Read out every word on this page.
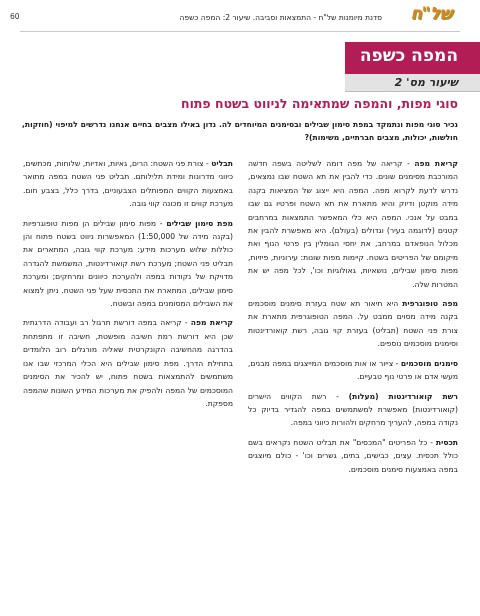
60	סדנת מיומנות של"ח - התמצאות וסביבה. שיעור 2: המפה כשפה של"ח
המפה כשפה
שיעור מס' 2
סוגי מפות, והמפה שמתאימה לניווט בשטח פתוח

נכיר סוגי מפות ונתמקד במפת סימון שבילים ובסימנים המיוחדים לה. נדון באילו מצבים בחיים אנחנו נדרשים למיפוי (חוזקות, חולשות, יכולות, מצבים חברתיים, משימות)?

קריאת מפה - קריאה של מפה דומה לשליטה בשפה חדשה המורכבת מסימנים שונים. כדי להבין את תא השטח שבו נמצאים, נדרש לדעת לקרוא מפה. המפה היא ייצוג של המציאות בקנה מידה מוקטן ודיוק והיא מתארת את תא השטח ופרטיו גם שבו במבט על אנכי. המפה היא כלי המאפשר התמצאות במרחבים קטנים (לדוגמה בעיר) וגדולים (בעולם). היא מאפשרת להבין את מכלול הנופאדם במרחב, את יחסי הגומלין בין פרטי הנוף ואת מיקומם של הפריטים בשטח. קיימות מפות שונות: עירוניות, פיזיות, מפות סימון שבילים, נושאיות, גאולוגיות וכו', לכל מפה יש את המטרות שלה.

מפה טופוגרפית היא תיאור תא שטח בעזרת סימנים מוסכמים בקנה מידה מסוים ממבט על. המפה הטופוגרפית מתארת את צורת פני השטח (תבליט) בעזרת קוי גובה, רשת קואורדינטות וסימנים מוסכמים נוספים.

סימנים מוסכמים - צייור או אות מוסכמים המייצגים במפה מבנים, מעשי אדם או פרטי נוף טבעיים.

רשת קואורדינטות (מעלות) - רשת הקווים הישרים (קואורדינטות) מאפשרת למשתמשים במפה להגדיר בדיוק כל נקודה במפה, להעריך מרחקים ולהורות כיווני במפה.

תכסית - כל הפריטים "המכסים" את תבליט השטח נקראים בשם כולל תכסית. עצים, כבישים, בתים, גשרים וכו' - כולם מיוצגים במפה באמצעות סימנים מוסכמים.

תבליט - צורת פני השטח: הרים, גאיות, ואדיות, שלוחות, מכתשים, כיווני מדרונות ומידת תלילותם. תבליט פני השטח במפה מתואר באמצעות הקווים המפותלים הצבעוניים, בדרך כלל, בצבע חום. מערכת קווים זו מכונה קווי גובה.

מפת סימון שבילים - מפות סימון שבילים הן מפות טופוגרפיות (בקנה מידה של 1:50,000) המאפשרות ניווט בשטח פתוח והן כוללות שלוש מערכות מידע: מערכת קווי גובה, המתארים את תבליט פני השטח; מערכת רשת קואורדינטות, המשמשת להגדרה מדויקת של נקודות במפה ולהערכת כיוונים ומרחקים; ומערכת סימון שבילים, המתארת את התכסית שעל פני השטח. ניתן למצוא את השבילים המסומנים במפה ובשטח.

קריאת מפה - קריאה במפה דורשת תרגול רב ועבודה הדרגתית שכן היא דורשת רמת חשיבה מופשטת, חשיבה זו מתפתחת בהדרגה מהחשיבה הקונקרטית שאליה מורגלים רוב הלומדים בתחילת הדרך. מפת סימון שבילים היא הכלי המרכזי שבו אנו משתמשים להתמצאות בשטח פתוח, יש להכיר את הסימנים המוסכמים של המפה ולהפיק את מערכות המידע השונות שהמפה מספקת.
